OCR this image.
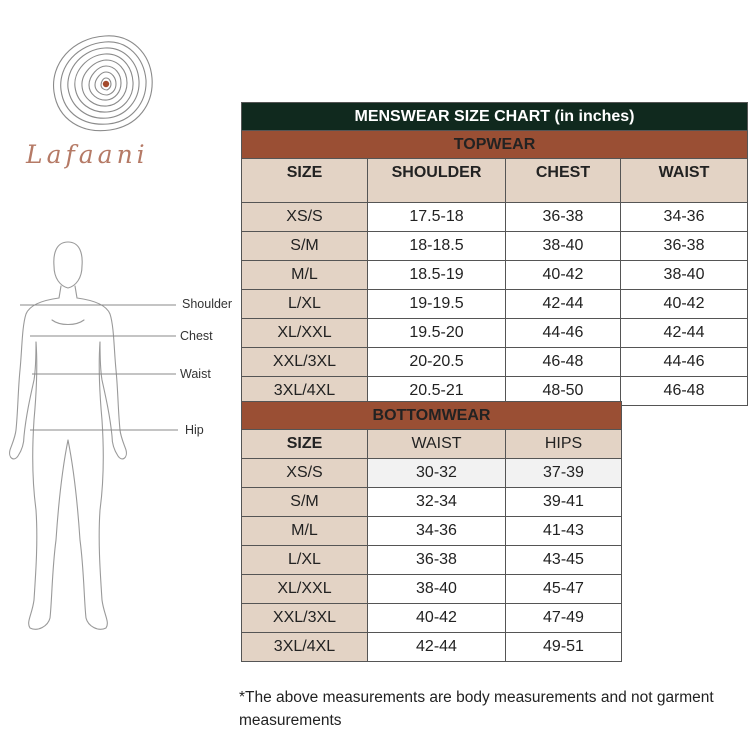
Lafaani
Shoulder
Chest
Waist
Hip
MENSWEAR SIZE CHART (in inches)			
TOPWEAR			
SIZE	SHOULDER	CHEST	WAIST
XS/S	17.5-18	36-38	34-36
S/M	18-18.5	38-40	36-38
M/L	18.5-19	40-42	38-40
L/XL	19-19.5	42-44	40-42
XL/XXL	19.5-20	44-46	42-44
XXL/3XL	20-20.5	46-48	44-46
3XL/4XL	20.5-21	48-50	46-48
BOTTOMWEAR		
SIZE	WAIST	HIPS
XS/S	30-32	37-39
S/M	32-34	39-41
M/L	34-36	41-43
L/XL	36-38	43-45
XL/XXL	38-40	45-47
XXL/3XL	40-42	47-49
3XL/4XL	42-44	49-51
*The above measurements are body measurements and not garment measurements
